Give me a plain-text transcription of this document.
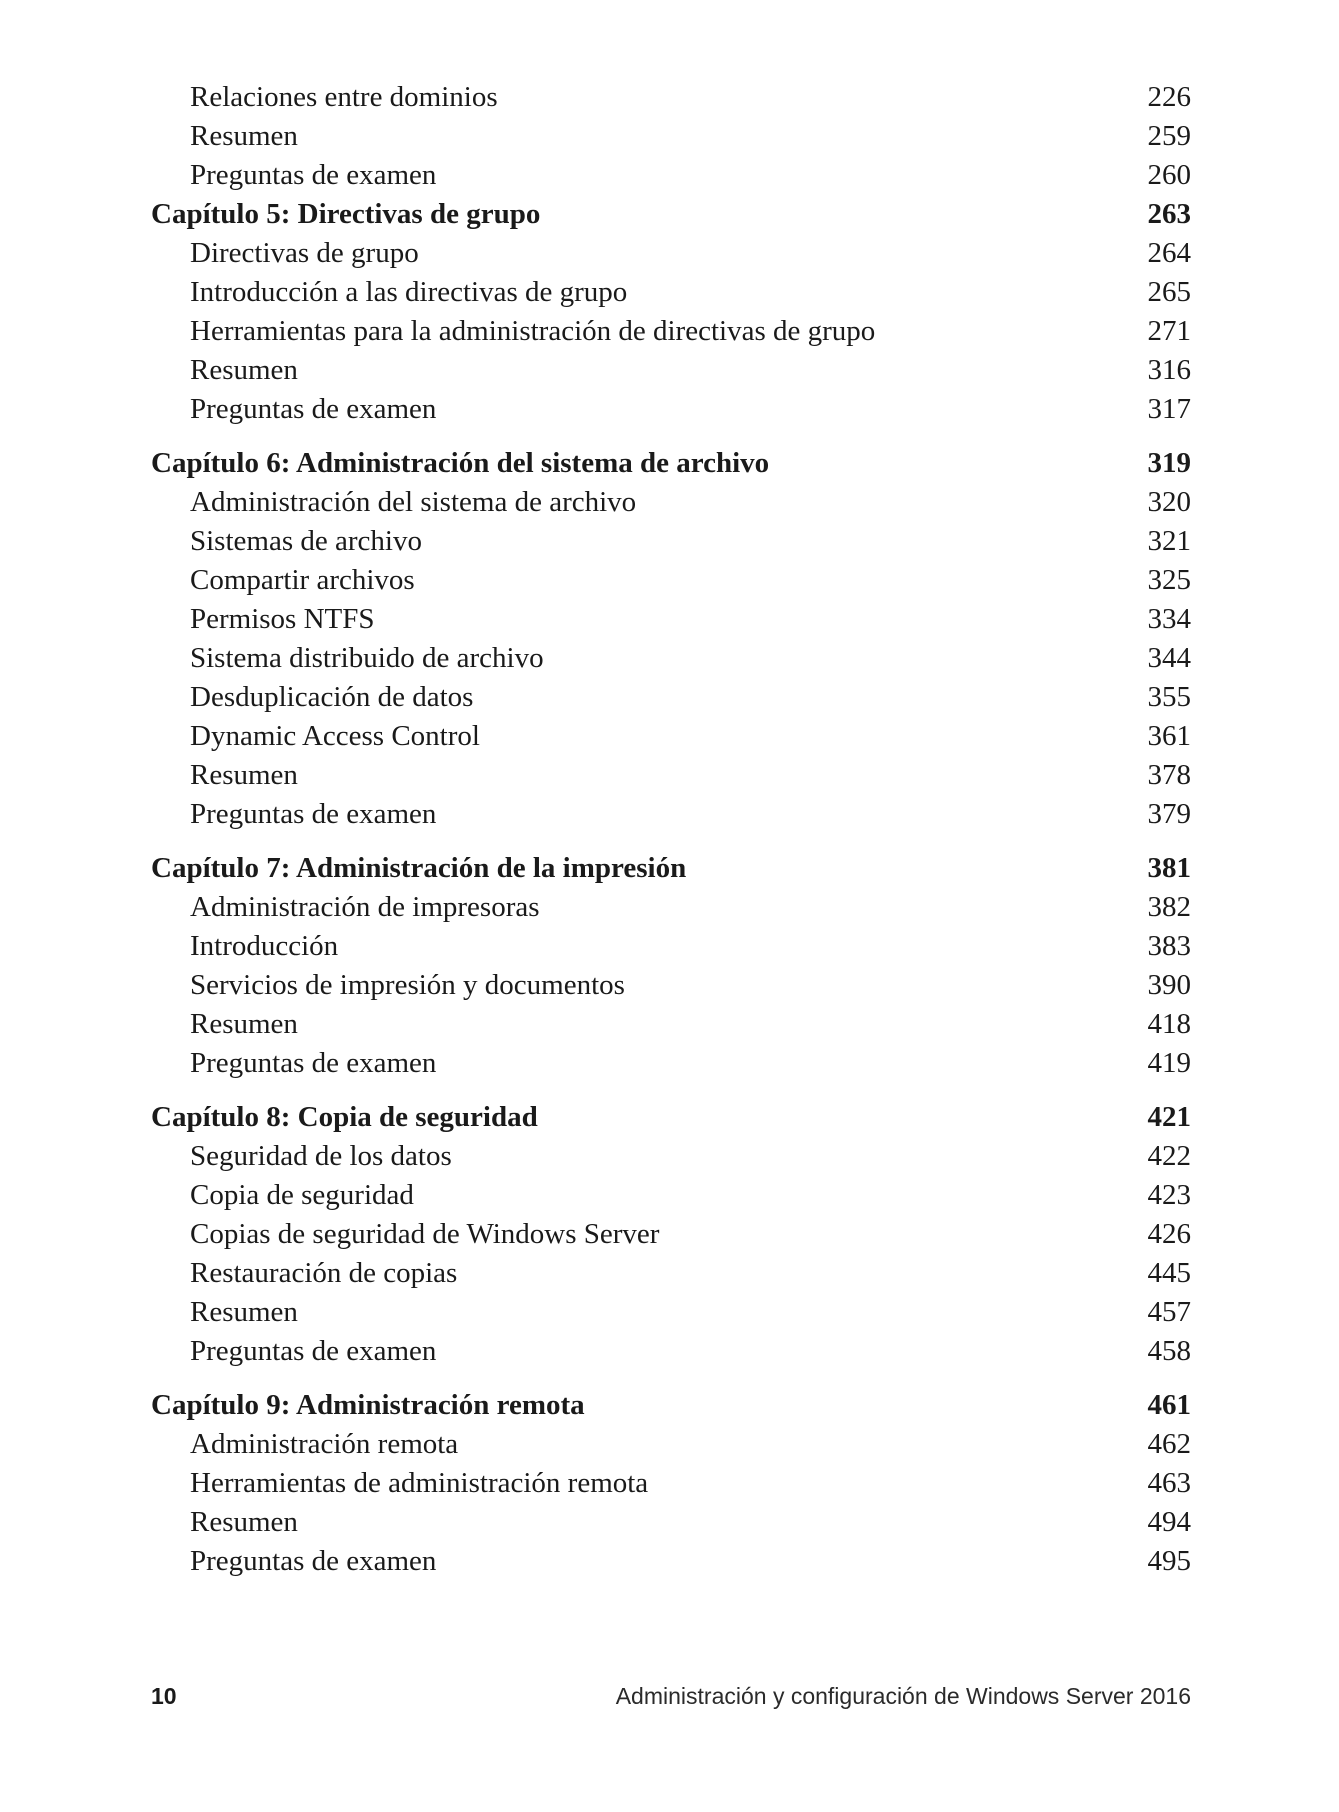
Relaciones entre dominios	226
Resumen	259
Preguntas de examen	260
Capítulo 5: Directivas de grupo	263
Directivas de grupo	264
Introducción a las directivas de grupo	265
Herramientas para la administración de directivas de grupo	271
Resumen	316
Preguntas de examen	317
Capítulo 6: Administración del sistema de archivo	319
Administración del sistema de archivo	320
Sistemas de archivo	321
Compartir archivos	325
Permisos NTFS	334
Sistema distribuido de archivo	344
Desduplicación de datos	355
Dynamic Access Control	361
Resumen	378
Preguntas de examen	379
Capítulo 7: Administración de la impresión	381
Administración de impresoras	382
Introducción	383
Servicios de impresión y documentos	390
Resumen	418
Preguntas de examen	419
Capítulo 8: Copia de seguridad	421
Seguridad de los datos	422
Copia de seguridad	423
Copias de seguridad de Windows Server	426
Restauración de copias	445
Resumen	457
Preguntas de examen	458
Capítulo 9: Administración remota	461
Administración remota	462
Herramientas de administración remota	463
Resumen	494
Preguntas de examen	495
10	Administración y configuración de Windows Server 2016
